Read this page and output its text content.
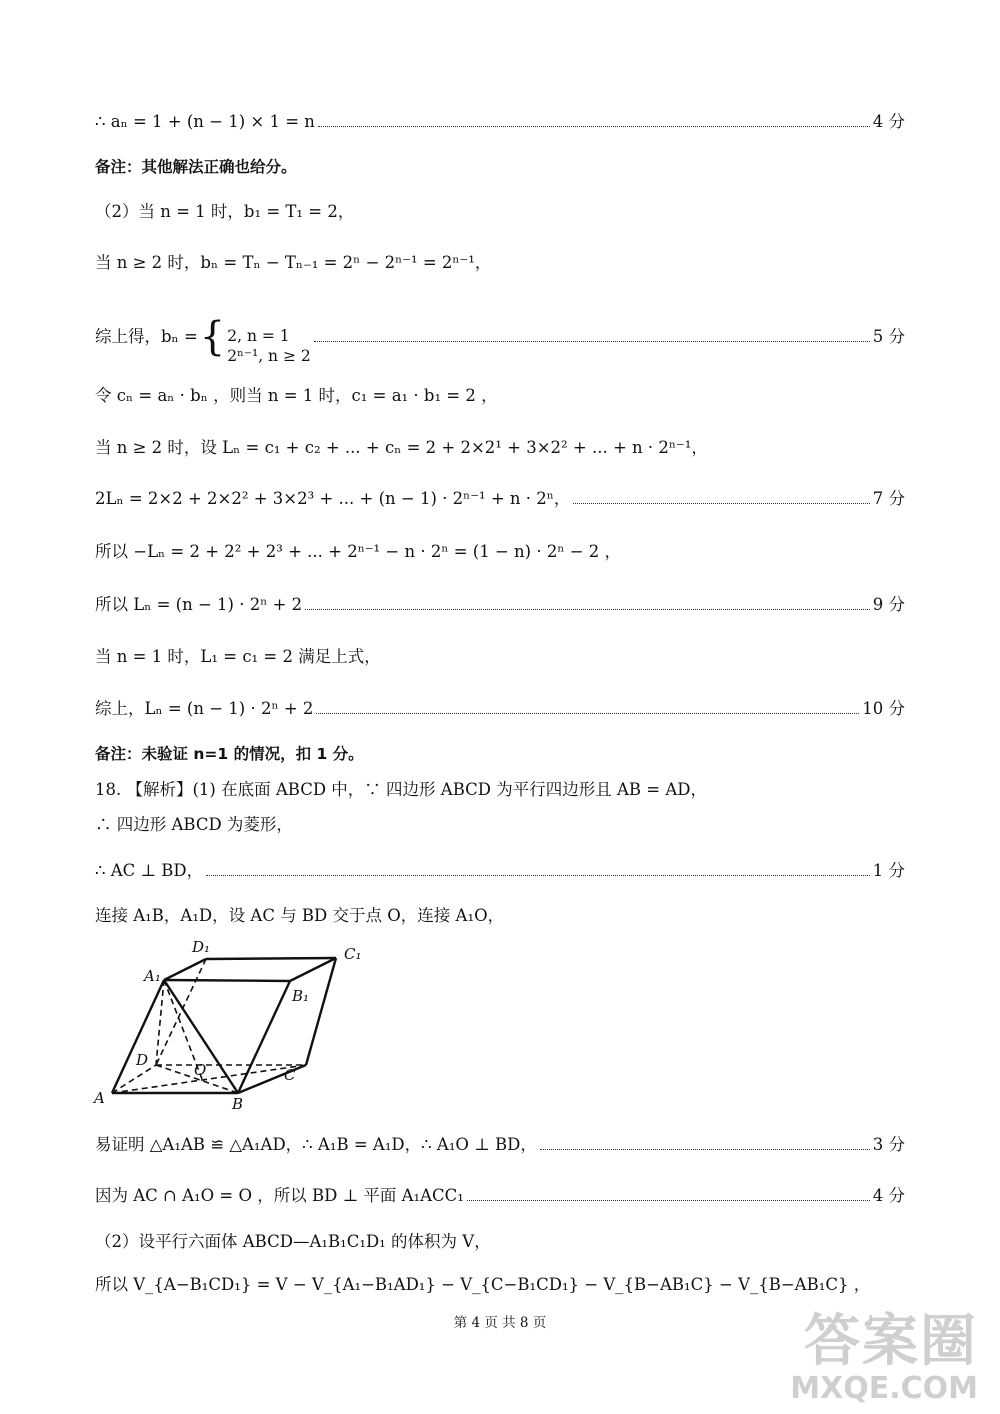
∴ aₙ = 1 + (n − 1) × 1 = n	4 分
备注：其他解法正确也给分。
（2）当 n = 1 时，b₁ = T₁ = 2，
当 n ≥ 2 时，bₙ = Tₙ − Tₙ₋₁ = 2ⁿ − 2ⁿ⁻¹ = 2ⁿ⁻¹，
综上得，bₙ = { 2, n = 1
2ⁿ⁻¹, n ≥ 2
5 分
令 cₙ = aₙ · bₙ ，则当 n = 1 时，c₁ = a₁ · b₁ = 2 ，
当 n ≥ 2 时，设 Lₙ = c₁ + c₂ + ... + cₙ = 2 + 2×2¹ + 3×2² + ... + n · 2ⁿ⁻¹，
2Lₙ = 2×2 + 2×2² + 3×2³ + ... + (n − 1) · 2ⁿ⁻¹ + n · 2ⁿ，	7 分
所以 −Lₙ = 2 + 2² + 2³ + ... + 2ⁿ⁻¹ − n · 2ⁿ = (1 − n) · 2ⁿ − 2 ，
所以 Lₙ = (n − 1) · 2ⁿ + 2	9 分
当 n = 1 时，L₁ = c₁ = 2 满足上式，
综上，Lₙ = (n − 1) · 2ⁿ + 2	10 分
备注：未验证 n=1 的情况，扣 1 分。
18. 【解析】(1) 在底面 ABCD 中，∵ 四边形 ABCD 为平行四边形且 AB = AD，
∴ 四边形 ABCD 为菱形，
∴ AC ⊥ BD，	1 分
连接 A₁B，A₁D，设 AC 与 BD 交于点 O，连接 A₁O，
D₁	C₁
A₁
B₁
D
O	C
A	B
易证明 △A₁AB ≌ △A₁AD，∴ A₁B = A₁D，∴ A₁O ⊥ BD，	3 分
因为 AC ∩ A₁O = O ，所以 BD ⊥ 平面 A₁ACC₁	4 分
（2）设平行六面体 ABCD—A₁B₁C₁D₁ 的体积为 V，
所以 V_{A−B₁CD₁} = V − V_{A₁−B₁AD₁} − V_{C−B₁CD₁} − V_{B−AB₁C} − V_{B−AB₁C} ，
第 4 页 共 8 页	答案圈
MXQE.COM
